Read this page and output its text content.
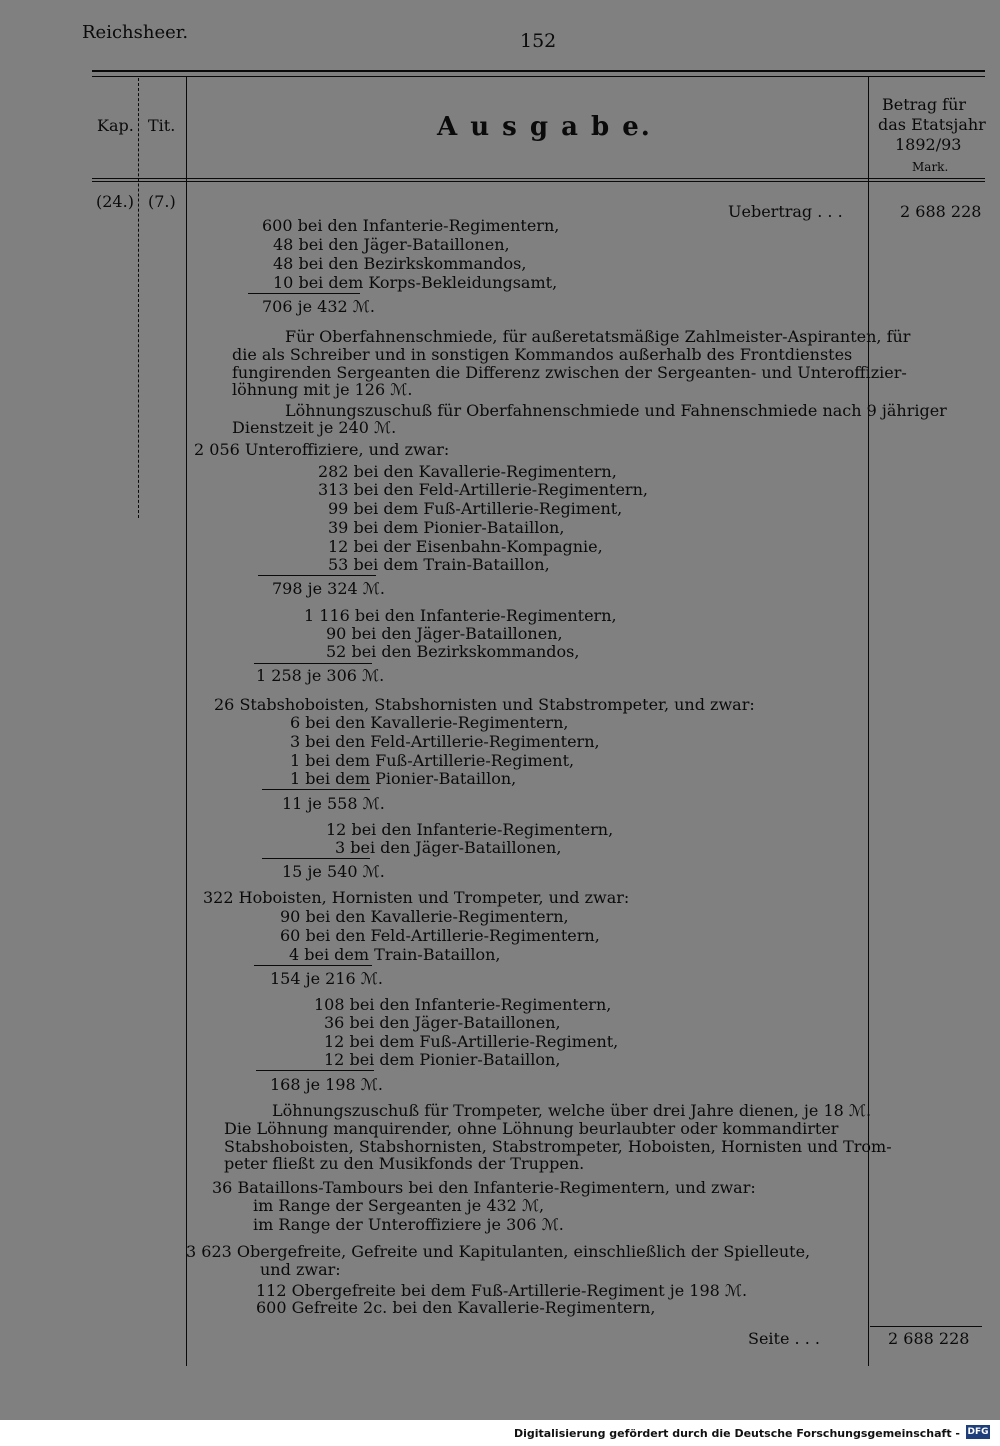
Reichsheer.	152
Kap. Tit.	A u s g a b e.
Betrag für
das Etatsjahr
1892/93
Mark.
(24.) (7.)
Uebertrag . . .	2 688 228
Seite . . .	2 688 228
600 bei den Infanterie-Regimentern,
48 bei den Jäger-Bataillonen,
48 bei den Bezirkskommandos,
10 bei dem Korps-Bekleidungsamt,
706 je 432 ℳ.
Für Oberfahnenschmiede, für außeretatsmäßige Zahlmeister-Aspiranten, für
die als Schreiber und in sonstigen Kommandos außerhalb des Frontdienstes
fungirenden Sergeanten die Differenz zwischen der Sergeanten- und Unteroffizier-
löhnung mit je 126 ℳ.
Löhnungszuschuß für Oberfahnenschmiede und Fahnenschmiede nach 9 jähriger
Dienstzeit je 240 ℳ.
2 056 Unteroffiziere, und zwar:
282 bei den Kavallerie-Regimentern,
313 bei den Feld-Artillerie-Regimentern,
99 bei dem Fuß-Artillerie-Regiment,
39 bei dem Pionier-Bataillon,
12 bei der Eisenbahn-Kompagnie,
53 bei dem Train-Bataillon,
798 je 324 ℳ.
1 116 bei den Infanterie-Regimentern,
90 bei den Jäger-Bataillonen,
52 bei den Bezirkskommandos,
1 258 je 306 ℳ.
26 Stabshoboisten, Stabshornisten und Stabstrompeter, und zwar:
6 bei den Kavallerie-Regimentern,
3 bei den Feld-Artillerie-Regimentern,
1 bei dem Fuß-Artillerie-Regiment,
1 bei dem Pionier-Bataillon,
11 je 558 ℳ.
12 bei den Infanterie-Regimentern,
3 bei den Jäger-Bataillonen,
15 je 540 ℳ.
322 Hoboisten, Hornisten und Trompeter, und zwar:
90 bei den Kavallerie-Regimentern,
60 bei den Feld-Artillerie-Regimentern,
4 bei dem Train-Bataillon,
154 je 216 ℳ.
108 bei den Infanterie-Regimentern,
36 bei den Jäger-Bataillonen,
12 bei dem Fuß-Artillerie-Regiment,
12 bei dem Pionier-Bataillon,
168 je 198 ℳ.
Löhnungszuschuß für Trompeter, welche über drei Jahre dienen, je 18 ℳ.
Die Löhnung manquirender, ohne Löhnung beurlaubter oder kommandirter
Stabshoboisten, Stabshornisten, Stabstrompeter, Hoboisten, Hornisten und Trom-
peter fließt zu den Musikfonds der Truppen.
36 Bataillons-Tambours bei den Infanterie-Regimentern, und zwar:
im Range der Sergeanten je 432 ℳ,
im Range der Unteroffiziere je 306 ℳ.
3 623 Obergefreite, Gefreite und Kapitulanten, einschließlich der Spielleute,
und zwar:
112 Obergefreite bei dem Fuß-Artillerie-Regiment je 198 ℳ.
600 Gefreite 2c. bei den Kavallerie-Regimentern,
Digitalisierung gefördert durch die Deutsche Forschungsgemeinschaft - DFG
